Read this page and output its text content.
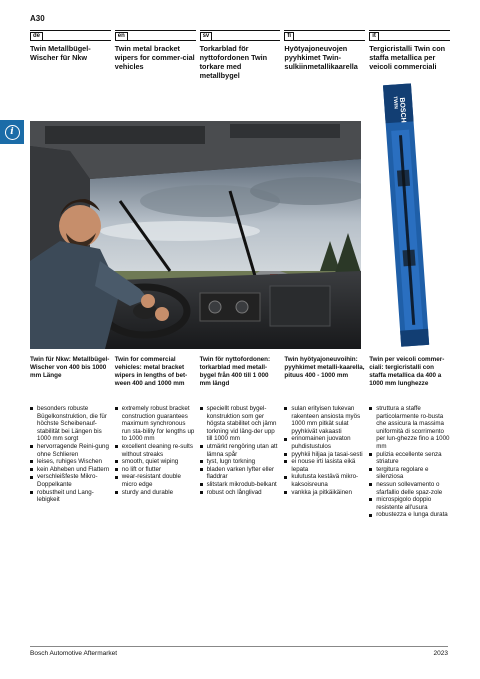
A30
de
Twin Metallbügel-Wischer für Nkw
en
Twin metal bracket wipers for commer-cial vehicles
sv
Torkarblad för nyttofordonen Twin torkare med metallbygel
fi
Hyötyajoneuvojen pyyhkimet Twin-sulkiinmetallikaarella
it
Tergicristalli Twin con staffa metallica per veicoli commerciali
i
BOSCH
TWIN
Twin für Nkw: Metallbügel-Wischer von 400 bis 1000 mm Länge
Twin for commercial vehicles: metal bracket wipers in lengths of bet-ween 400 and 1000 mm
Twin för nyttofordonen: torkarblad med metall-bygel från 400 till 1 000 mm längd
Twin hyötyajoneuvoihin: pyyhkimet metalli-kaarella, pituus 400 - 1000 mm
Twin per veicoli commer-ciali: tergicristalli con staffa metallica da 400 a 1000 mm lunghezze
besonders robuste Bügelkonstruktion, die für höchste Scheibenauf-stabilität bei Längen bis 1000 mm sorgt
hervorragende Reini-gung ohne Schlieren
leises, ruhiges Wischen
kein Abheben und Flattern
verschleißfeste Mikro-Doppelkante
robustheit und Lang-lebigkeit
extremely robust bracket construction guarantees maximum synchronous run sta-bility for lengths up to 1000 mm
excellent cleaning re-sults without streaks
smooth, quiet wiping
no lift or flutter
wear-resistant double micro edge
sturdy and durable
speciellt robust bygel-konstruktion som ger högsta stabilitet och jämn torkning vid läng-der upp till 1000 mm
utmärkt rengöring utan att lämna spår
tyst, lugn torkning
bladen varken lyfter eller fladdrar
slitstark mikrodub-belkant
robust och långlivad
sulan erityisen tukevan rakenteen ansiosta myös 1000 mm pitkät sulat pyyhkivät vakaasti
erinomainen juovaton puhdistustulos
pyyhkii hiljaa ja tasai-sesti
ei nouse irti lasista eikä lepata
kulutusta kestävä mikro-kaksoisreuna
vankka ja pitkäikäinen
struttura a staffe particolarmente ro-busta che assicura la massima uniformità di scorrimento per lun-ghezze fino a 1000 mm
pulizia eccellente senza striature
tergitura regolare e silenziosa
nessun sollevamento o sfarfallio delle spaz-zole
microspigolo doppio resistente all'usura
robustezza e lunga durata
Bosch Automotive Aftermarket	2023
